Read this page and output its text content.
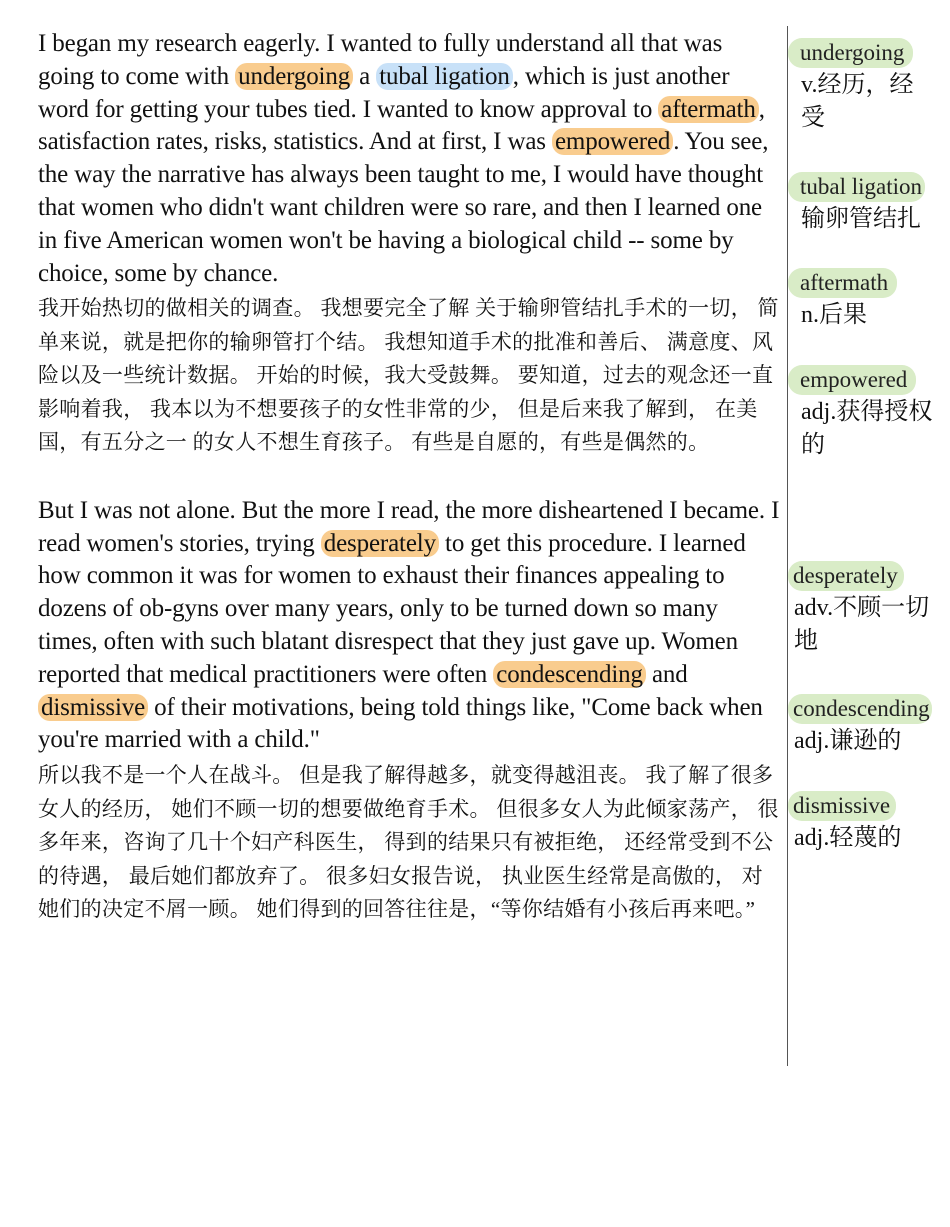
I began my research eagerly. I wanted to fully understand all that was going to come with undergoing a tubal ligation , which is just another word for getting your tubes tied. I wanted to know approval to aftermath , satisfaction rates, risks, statistics. And at first, I was empowered . You see, the way the narrative has always been taught to me, I would have thought that women who didn't want children were so rare, and then I learned one in five American women won't be having a biological child -- some by choice, some by chance.

我开始热切的做相关的调查。 我想要完全了解 关于输卵管结扎手术的一切， 简单来说，就是把你的输卵管打个结。 我想知道手术的批准和善后、 满意度、风险以及一些统计数据。 开始的时候，我大受鼓舞。 要知道，过去的观念还一直影响着我， 我本以为不想要孩子的女性非常的少， 但是后来我了解到， 在美国，有五分之一 的女人不想生育孩子。 有些是自愿的，有些是偶然的。

But I was not alone. But the more I read, the more disheartened I became. I read women's stories, trying desperately to get this procedure. I learned how common it was for women to exhaust their finances appealing to dozens of ob-gyns over many years, only to be turned down so many times, often with such blatant disrespect that they just gave up. Women reported that medical practitioners were often condescending and dismissive of their motivations, being told things like, "Come back when you're married with a child."

所以我不是一个人在战斗。 但是我了解得越多，就变得越沮丧。 我了解了很多女人的经历， 她们不顾一切的想要做绝育手术。 但很多女人为此倾家荡产， 很多年来，咨询了几十个妇产科医生， 得到的结果只有被拒绝， 还经常受到不公的待遇， 最后她们都放弃了。 很多妇女报告说， 执业医生经常是高傲的， 对她们的决定不屑一顾。 她们得到的回答往往是，“等你结婚有小孩后再来吧。”

undergoing
v.经历，经受
tubal ligation
输卵管结扎
aftermath
n.后果
empowered
adj.获得授权的
desperately
adv.不顾一切地
condescending
adj.谦逊的
dismissive
adj.轻蔑的
